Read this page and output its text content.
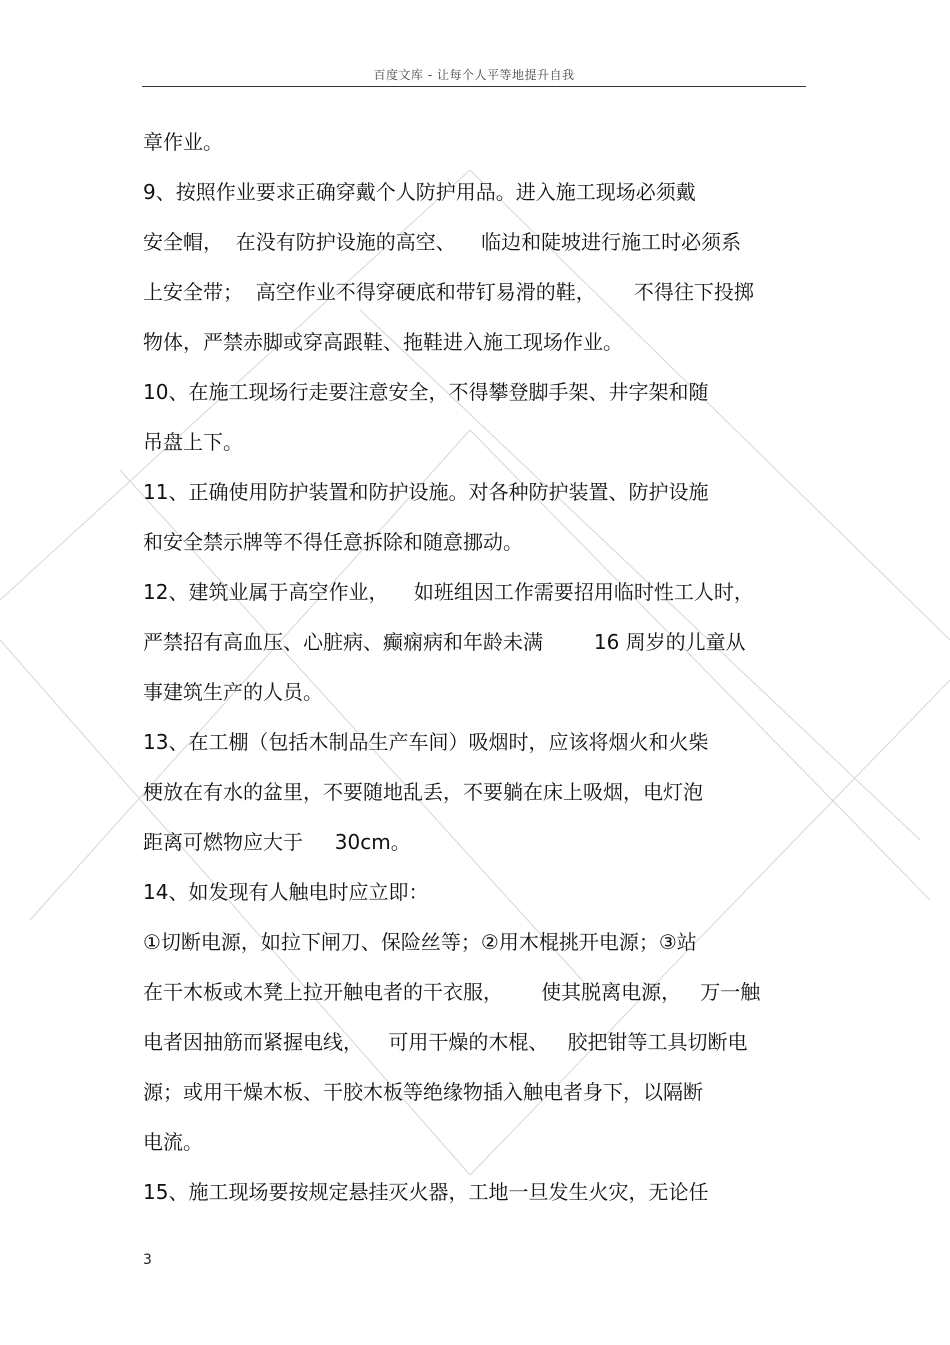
百度文库 - 让每个人平等地提升自我
章作业。
9、按照作业要求正确穿戴个人防护用品。进入施工现场必须戴
安全帽，  在没有防护设施的高空、    临边和陡坡进行施工时必须系
上安全带；  高空作业不得穿硬底和带钉易滑的鞋，      不得往下投掷
物体，严禁赤脚或穿高跟鞋、拖鞋进入施工现场作业。
10、在施工现场行走要注意安全，不得攀登脚手架、井字架和随
吊盘上下。
11、正确使用防护装置和防护设施。对各种防护装置、防护设施
和安全禁示牌等不得任意拆除和随意挪动。
12、建筑业属于高空作业，    如班组因工作需要招用临时性工人时，
严禁招有高血压、心脏病、癫痫病和年龄未满        16 周岁的儿童从
事建筑生产的人员。
13、在工棚（包括木制品生产车间）吸烟时，应该将烟火和火柴
梗放在有水的盆里，不要随地乱丢，不要躺在床上吸烟，电灯泡
距离可燃物应大于     30cm。
14、如发现有人触电时应立即：
①切断电源，如拉下闸刀、保险丝等；②用木棍挑开电源；③站
在干木板或木凳上拉开触电者的干衣服，      使其脱离电源，   万一触
电者因抽筋而紧握电线，    可用干燥的木棍、   胶把钳等工具切断电
源；或用干燥木板、干胶木板等绝缘物插入触电者身下，以隔断
电流。
15、施工现场要按规定悬挂灭火器，工地一旦发生火灾，无论任
3
